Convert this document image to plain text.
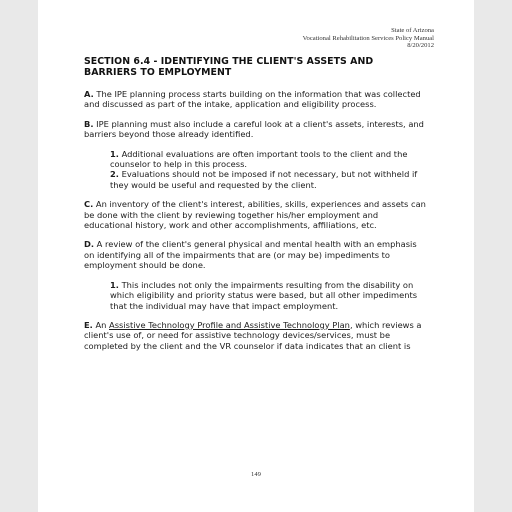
State of Arizona
Vocational Rehabilitation Services Policy Manual
8/20/2012
SECTION 6.4 - IDENTIFYING THE CLIENT'S ASSETS AND BARRIERS TO EMPLOYMENT
A. The IPE planning process starts building on the information that was collected and discussed as part of the intake, application and eligibility process.
B. IPE planning must also include a careful look at a client's assets, interests, and barriers beyond those already identified.
1. Additional evaluations are often important tools to the client and the counselor to help in this process.
2. Evaluations should not be imposed if not necessary, but not withheld if they would be useful and requested by the client.
C. An inventory of the client's interest, abilities, skills, experiences and assets can be done with the client by reviewing together his/her employment and educational history, work and other accomplishments, affiliations, etc.
D. A review of the client's general physical and mental health with an emphasis on identifying all of the impairments that are (or may be) impediments to employment should be done.
1. This includes not only the impairments resulting from the disability on which eligibility and priority status were based, but all other impediments that the individual may have that impact employment.
E. An Assistive Technology Profile and Assistive Technology Plan, which reviews a client's use of, or need for assistive technology devices/services, must be completed by the client and the VR counselor if data indicates that an client is
149
